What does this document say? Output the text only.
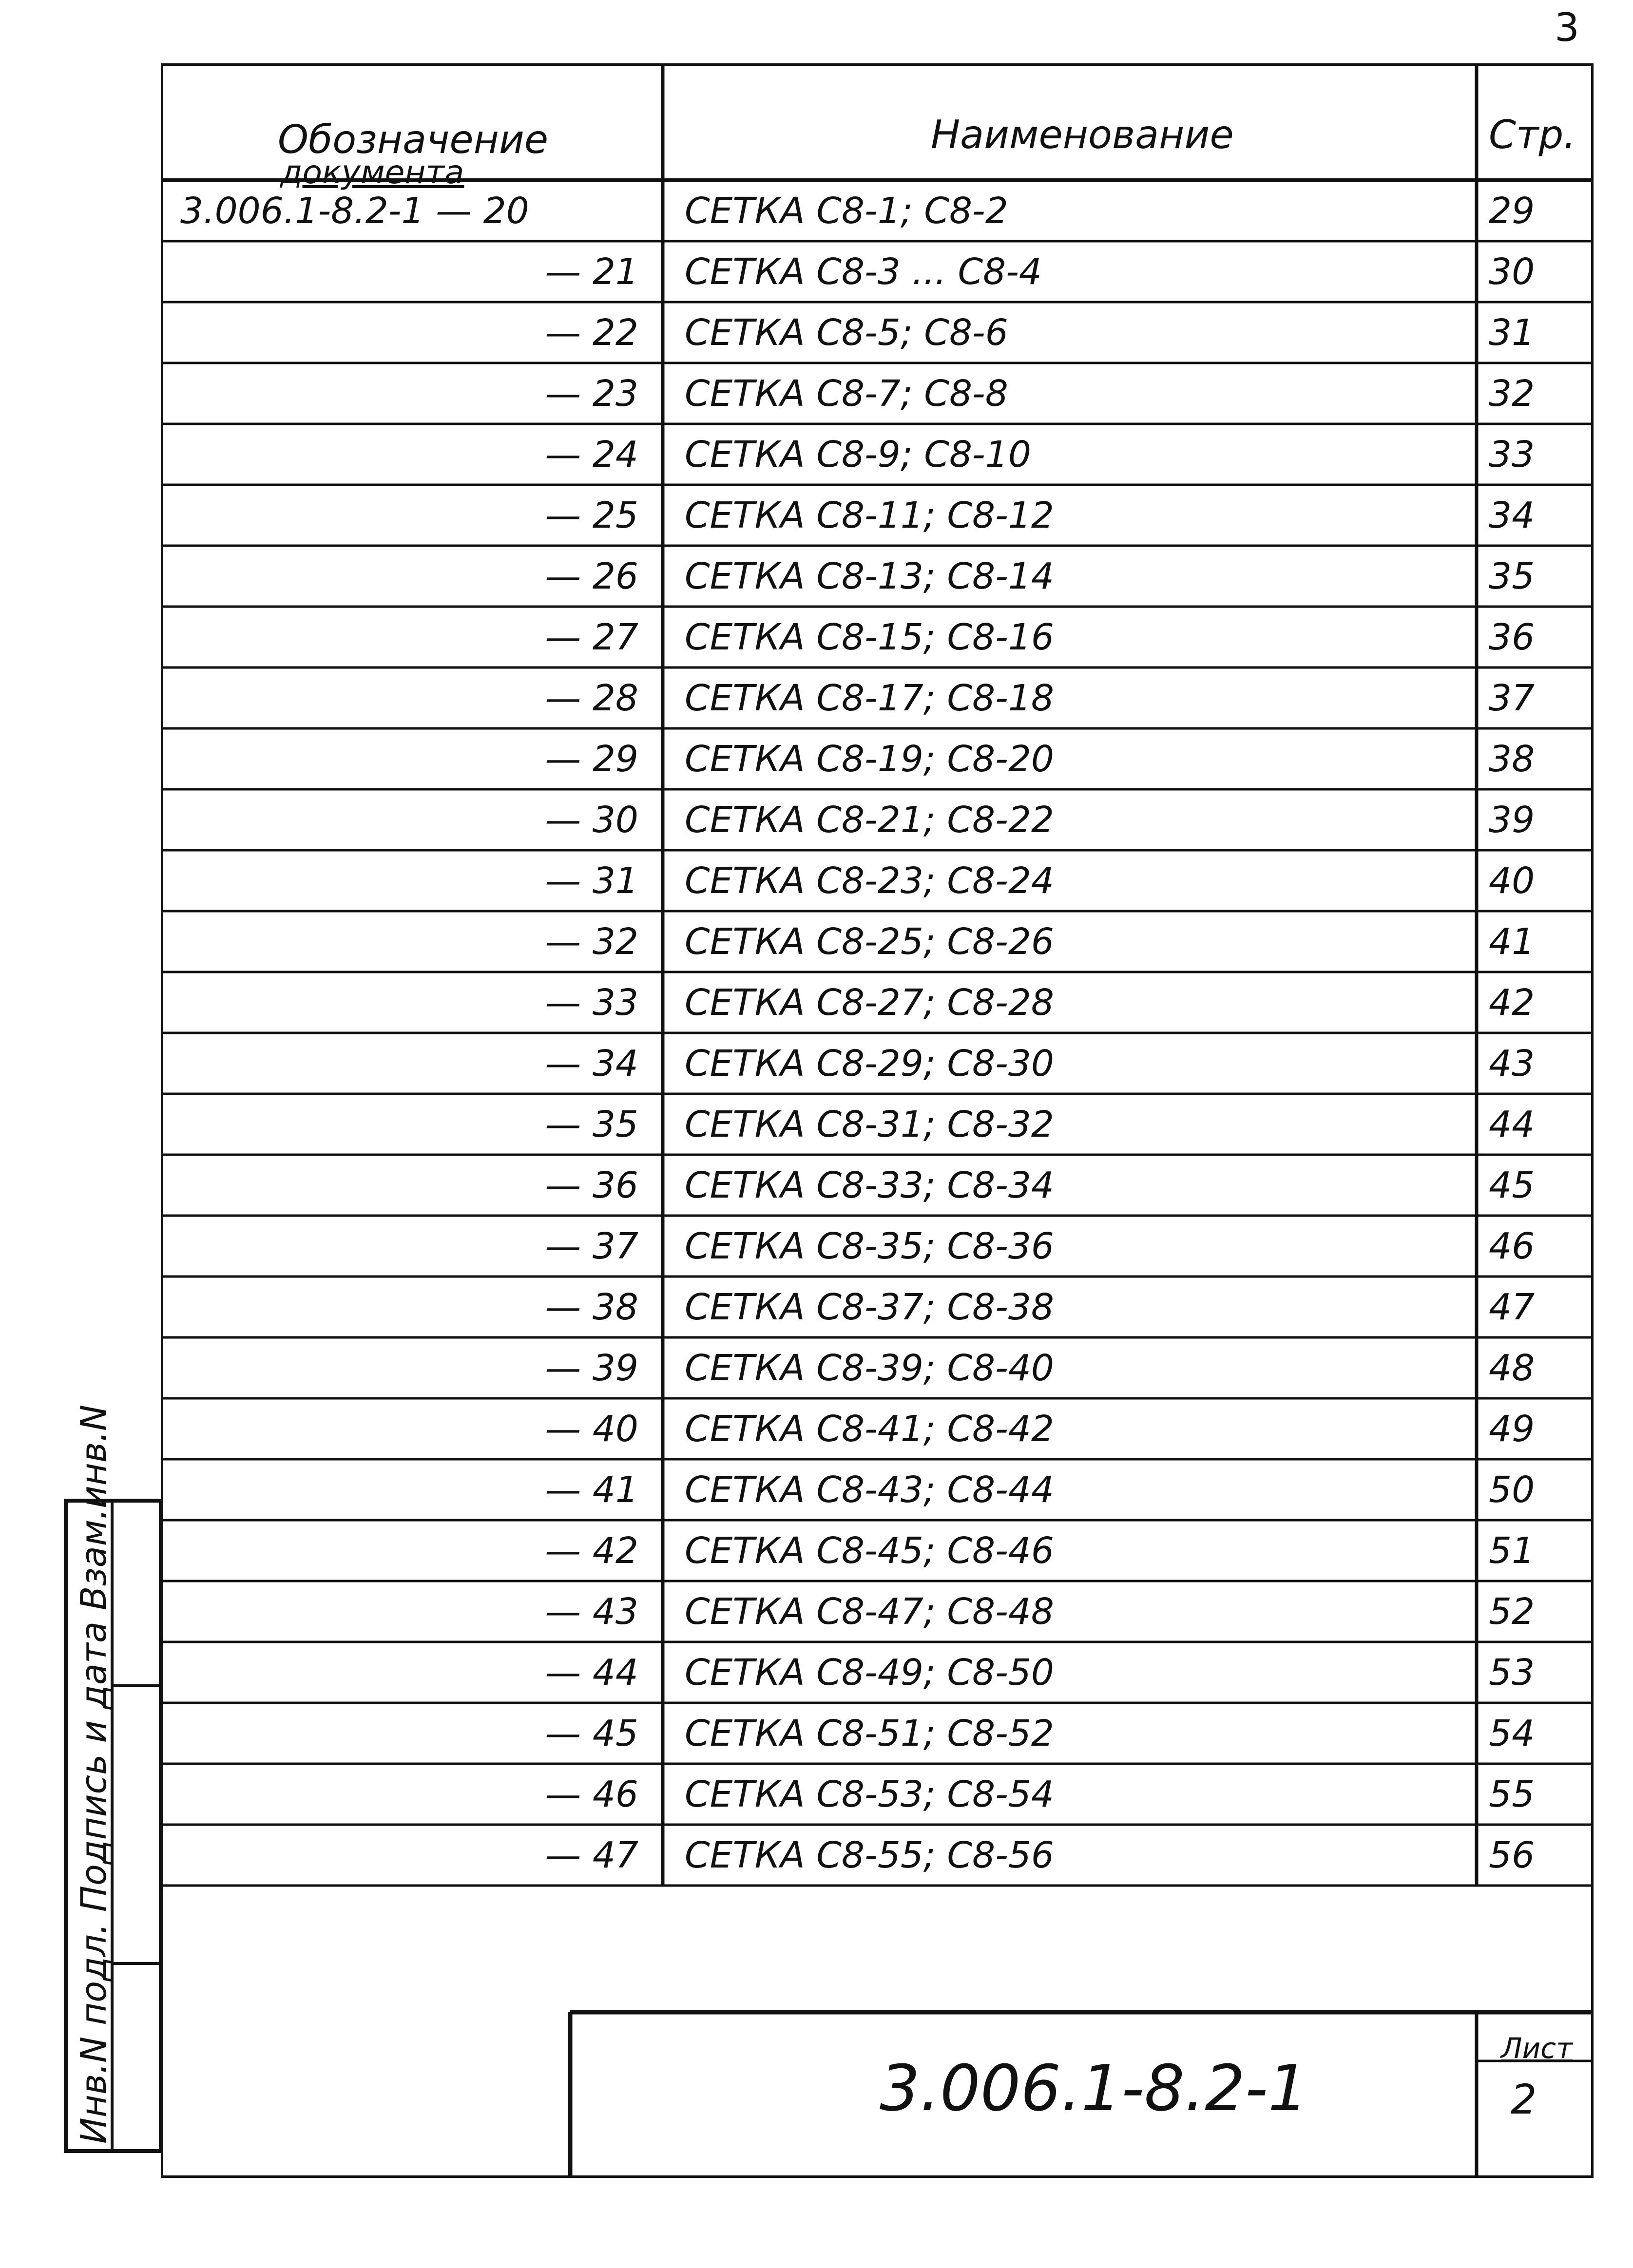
3
Инв.N подл. Подпись и дата Взам.инв.N
Обозначение
документа
Наименование	Стр.
3.006.1-8.2-1 — 20	СЕТКА С8-1; С8-2	29
— 21 СЕТКА С8-3 ... С8-4	30
— 22 СЕТКА С8-5; С8-6	31
— 23 СЕТКА С8-7; С8-8	32
— 24 СЕТКА С8-9; С8-10	33
— 25 СЕТКА С8-11; С8-12	34
— 26 СЕТКА С8-13; С8-14	35
— 27 СЕТКА С8-15; С8-16	36
— 28 СЕТКА С8-17; С8-18	37
— 29 СЕТКА С8-19; С8-20	38
— 30 СЕТКА С8-21; С8-22	39
— 31 СЕТКА С8-23; С8-24	40
— 32 СЕТКА С8-25; С8-26	41
— 33 СЕТКА С8-27; С8-28	42
— 34 СЕТКА С8-29; С8-30	43
— 35 СЕТКА С8-31; С8-32	44
— 36 СЕТКА С8-33; С8-34	45
— 37 СЕТКА С8-35; С8-36	46
— 38 СЕТКА С8-37; С8-38	47
— 39 СЕТКА С8-39; С8-40	48
— 40 СЕТКА С8-41; С8-42	49
— 41 СЕТКА С8-43; С8-44	50
— 42 СЕТКА С8-45; С8-46	51
— 43 СЕТКА С8-47; С8-48	52
— 44 СЕТКА С8-49; С8-50	53
— 45 СЕТКА С8-51; С8-52	54
— 46 СЕТКА С8-53; С8-54	55
— 47 СЕТКА С8-55; С8-56	56
3.006.1-8.2-1
Лист
2
